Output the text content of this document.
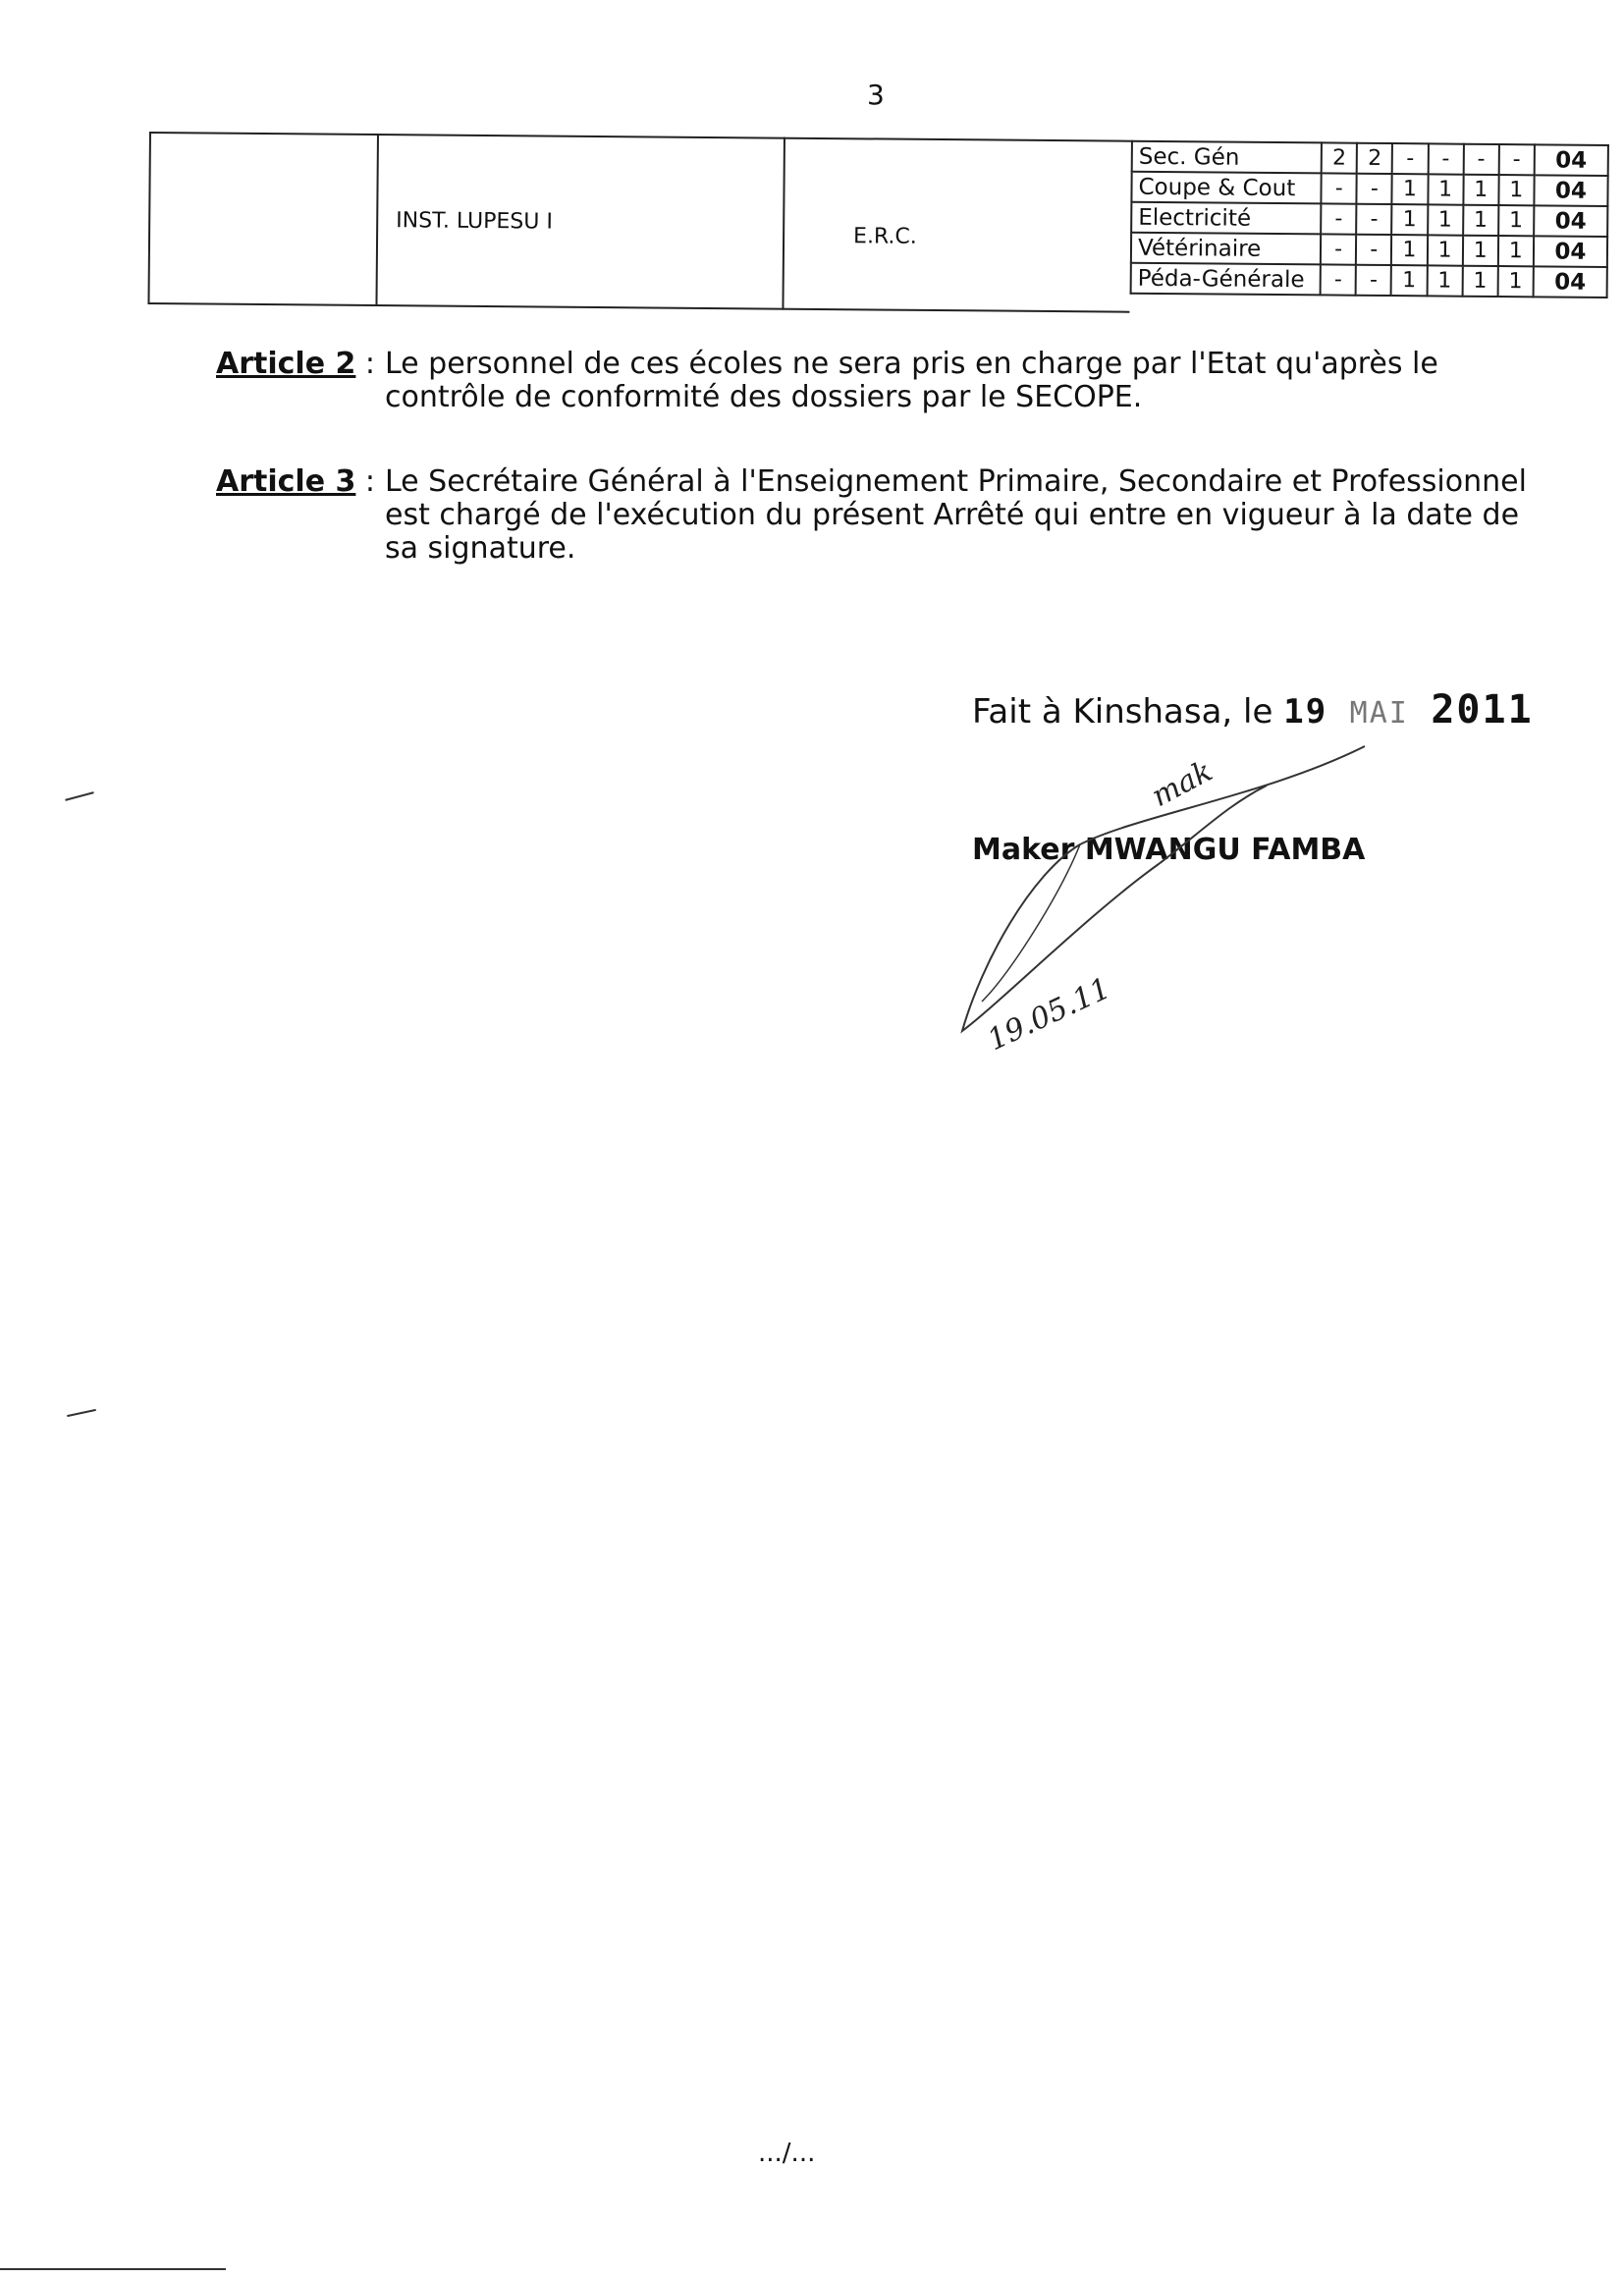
3
INST. LUPESU I
E.R.C.
Sec. Gén	2	2	-	-	-	-	04
Coupe & Cout	-	-	1	1	1	1	04
Electricité	-	-	1	1	1	1	04
Vétérinaire	-	-	1	1	1	1	04
Péda-Générale	-	-	1	1	1	1	04
Article 2 : Le personnel de ces écoles ne sera pris en charge par l'Etat qu'après le contrôle de conformité des dossiers par le SECOPE.
Article 3 : Le Secrétaire Général à l'Enseignement Primaire, Secondaire et Professionnel est chargé de l'exécution du présent Arrêté qui entre en vigueur à la date de sa signature.
Fait à Kinshasa, le 19 MAI 2011
Maker MWANGU FAMBA
mak
19.05.11
.../...
